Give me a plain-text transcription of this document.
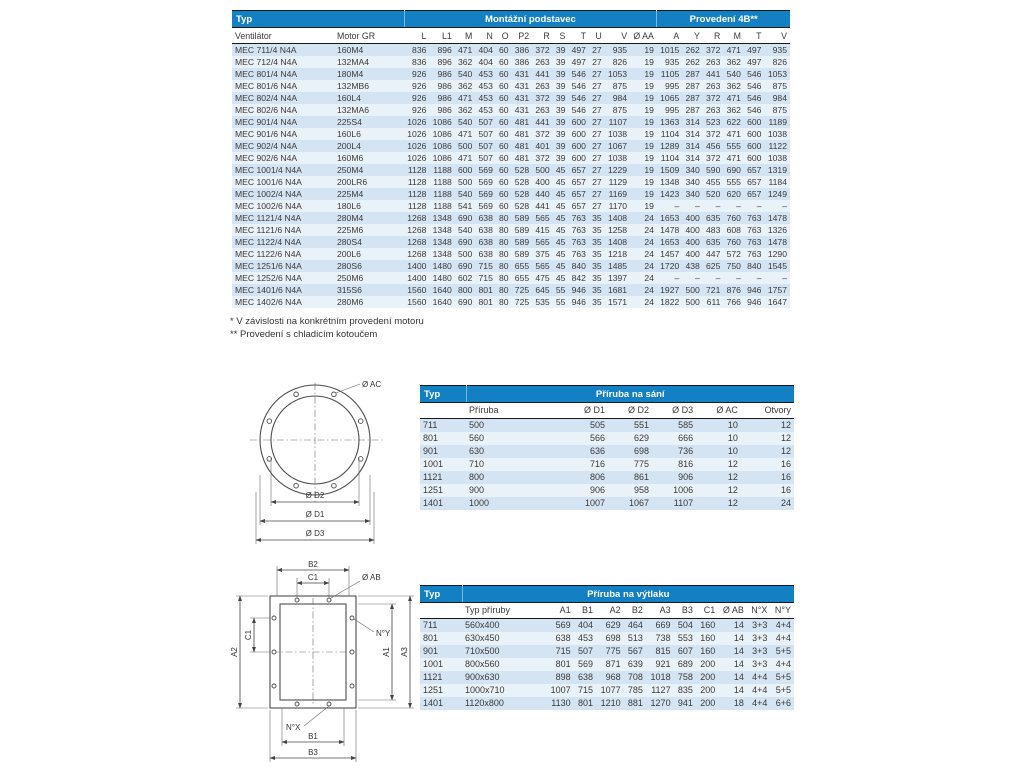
Typ		Montážní podstavec												Provedení 4B**					
Ventilátor	Motor GR	L	L1	M	N	O	P2	R	S	T	U	V	Ø AA	A	Y	R	M	T	V
MEC 711/4 N4A	160M4	836	896	471	404	60	386	372	39	497	27	935	19	1015	262	372	471	497	935
MEC 712/4 N4A	132MA4	836	896	362	404	60	386	263	39	497	27	826	19	935	262	263	362	497	826
MEC 801/4 N4A	180M4	926	986	540	453	60	431	441	39	546	27	1053	19	1105	287	441	540	546	1053
MEC 801/6 N4A	132MB6	926	986	362	453	60	431	263	39	546	27	875	19	995	287	263	362	546	875
MEC 802/4 N4A	160L4	926	986	471	453	60	431	372	39	546	27	984	19	1065	287	372	471	546	984
MEC 802/6 N4A	132MA6	926	986	362	453	60	431	263	39	546	27	875	19	995	287	263	362	546	875
MEC 901/4 N4A	225S4	1026	1086	540	507	60	481	441	39	600	27	1107	19	1363	314	523	622	600	1189
MEC 901/6 N4A	160L6	1026	1086	471	507	60	481	372	39	600	27	1038	19	1104	314	372	471	600	1038
MEC 902/4 N4A	200L4	1026	1086	500	507	60	481	401	39	600	27	1067	19	1289	314	456	555	600	1122
MEC 902/6 N4A	160M6	1026	1086	471	507	60	481	372	39	600	27	1038	19	1104	314	372	471	600	1038
MEC 1001/4 N4A	250M4	1128	1188	600	569	60	528	500	45	657	27	1229	19	1509	340	590	690	657	1319
MEC 1001/6 N4A	200LR6	1128	1188	500	569	60	528	400	45	657	27	1129	19	1348	340	455	555	657	1184
MEC 1002/4 N4A	225M4	1128	1188	540	569	60	528	440	45	657	27	1169	19	1423	340	520	620	657	1249
MEC 1002/6 N4A	180L6	1128	1188	541	569	60	528	441	45	657	27	1170	19	–	–	–	–	–	–
MEC 1121/4 N4A	280M4	1268	1348	690	638	80	589	565	45	763	35	1408	24	1653	400	635	760	763	1478
MEC 1121/6 N4A	225M6	1268	1348	540	638	80	589	415	45	763	35	1258	24	1478	400	483	608	763	1326
MEC 1122/4 N4A	280S4	1268	1348	690	638	80	589	565	45	763	35	1408	24	1653	400	635	760	763	1478
MEC 1122/6 N4A	200L6	1268	1348	500	638	80	589	375	45	763	35	1218	24	1457	400	447	572	763	1290
MEC 1251/6 N4A	280S6	1400	1480	690	715	80	655	565	45	840	35	1485	24	1720	438	625	750	840	1545
MEC 1252/6 N4A	250M6	1400	1480	602	715	80	655	475	45	842	35	1397	24	–	–	–	–	–	–
MEC 1401/6 N4A	315S6	1560	1640	800	801	80	725	645	55	946	35	1681	24	1927	500	721	876	946	1757
MEC 1402/6 N4A	280M6	1560	1640	690	801	80	725	535	55	946	35	1571	24	1822	500	611	766	946	1647
* V závislosti na konkrétním provedení motoru
** Provedení s chladicím kotoučem
Ø AC
Ø D2
Ø D1
Ø D3
Typ	Příruba na sání					
	Příruba	Ø D1	Ø D2	Ø D3	Ø AC	Otvory
711	500	505	551	585	10	12
801	560	566	629	666	10	12
901	630	636	698	736	10	12
1001	710	716	775	816	12	16
1121	800	806	861	906	12	16
1251	900	906	958	1006	12	16
1401	1000	1007	1067	1107	12	24
B2
C1	Ø AB
N°Y
A2
C1
A1 A3
N°X
B1
B3
Typ	Příruba na výtlaku										
	Typ příruby	A1	B1	A2	B2	A3	B3	C1	Ø AB	N°X	N°Y
711	560x400	569	404	629	464	669	504	160	14	3+3	4+4
801	630x450	638	453	698	513	738	553	160	14	3+3	4+4
901	710x500	715	507	775	567	815	607	160	14	3+3	5+5
1001	800x560	801	569	871	639	921	689	200	14	3+3	4+4
1121	900x630	898	638	968	708	1018	758	200	14	4+4	5+5
1251	1000x710	1007	715	1077	785	1127	835	200	14	4+4	5+5
1401	1120x800	1130	801	1210	881	1270	941	200	18	4+4	6+6
